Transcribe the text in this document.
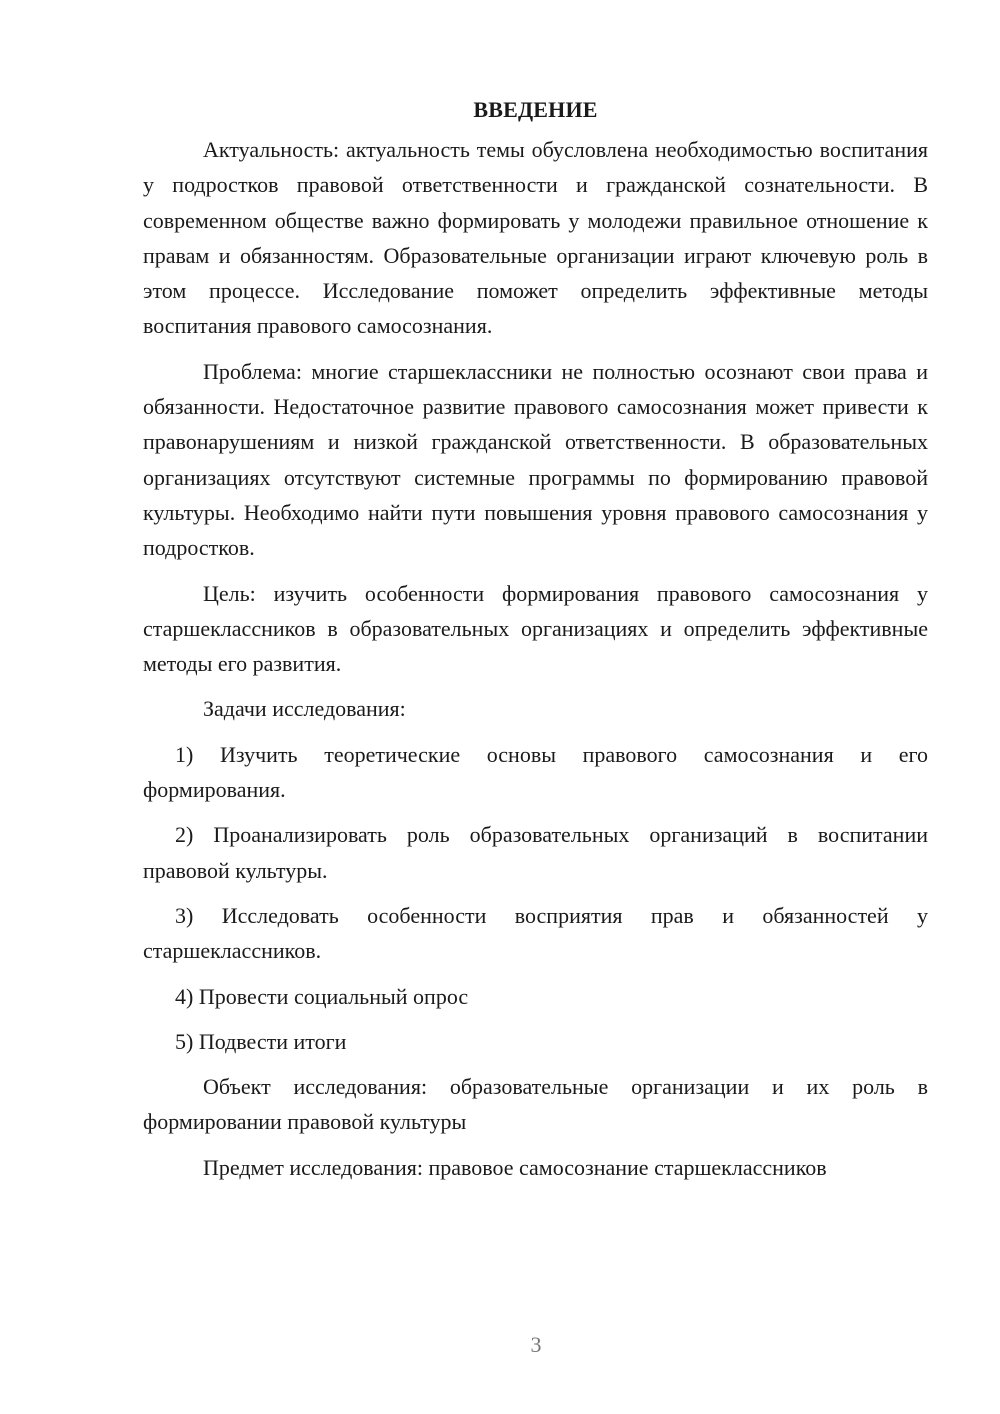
ВВЕДЕНИЕ

Актуальность: актуальность темы обусловлена необходимостью воспитания у подростков правовой ответственности и гражданской сознательности. В современном обществе важно формировать у молодежи правильное отношение к правам и обязанностям. Образовательные организации играют ключевую роль в этом процессе. Исследование поможет определить эффективные методы воспитания правового самосознания.

Проблема: многие старшеклассники не полностью осознают свои права и обязанности. Недостаточное развитие правового самосознания может привести к правонарушениям и низкой гражданской ответственности. В образовательных организациях отсутствуют системные программы по формированию правовой культуры. Необходимо найти пути повышения уровня правового самосознания у подростков.

Цель: изучить особенности формирования правового самосознания у старшеклассников в образовательных организациях и определить эффективные методы его развития.

Задачи исследования:

1) Изучить теоретические основы правового самосознания и его формирования.

2) Проанализировать роль образовательных организаций в воспитании правовой культуры.

3) Исследовать особенности восприятия прав и обязанностей у старшеклассников.

4) Провести социальный опрос

5) Подвести итоги

Объект исследования: образовательные организации и их роль в формировании правовой культуры

Предмет исследования: правовое самосознание старшеклассников

3
